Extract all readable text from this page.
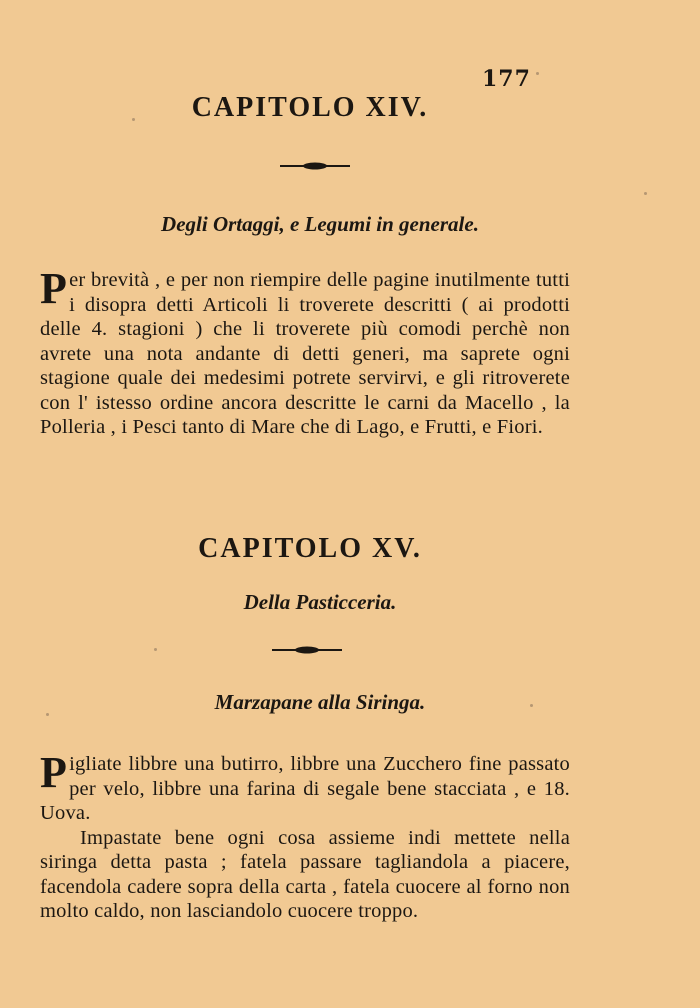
177
CAPITOLO XIV.
Degli Ortaggi, e Legumi in generale.

Per brevità , e per non riempire delle pagine inutilmente tutti i disopra detti Articoli li troverete descritti ( ai prodotti delle 4. stagioni ) che li troverete più comodi perchè non avrete una nota andante di detti generi, ma saprete ogni stagione quale dei medesimi potrete servirvi, e gli ritroverete con l' istesso ordine ancora descritte le carni da Macello , la Polleria , i Pesci tanto di Mare che di Lago, e Frutti, e Fiori.

CAPITOLO XV.
Della Pasticceria.
Marzapane alla Siringa.

Pigliate libbre una butirro, libbre una Zucchero fine passato per velo, libbre una farina di segale bene stacciata , e 18. Uova.

Impastate bene ogni cosa assieme indi mettete nella siringa detta pasta ; fatela passare tagliandola a piacere, facendola cadere sopra della carta , fatela cuocere al forno non molto caldo, non lasciandolo cuocere troppo.
